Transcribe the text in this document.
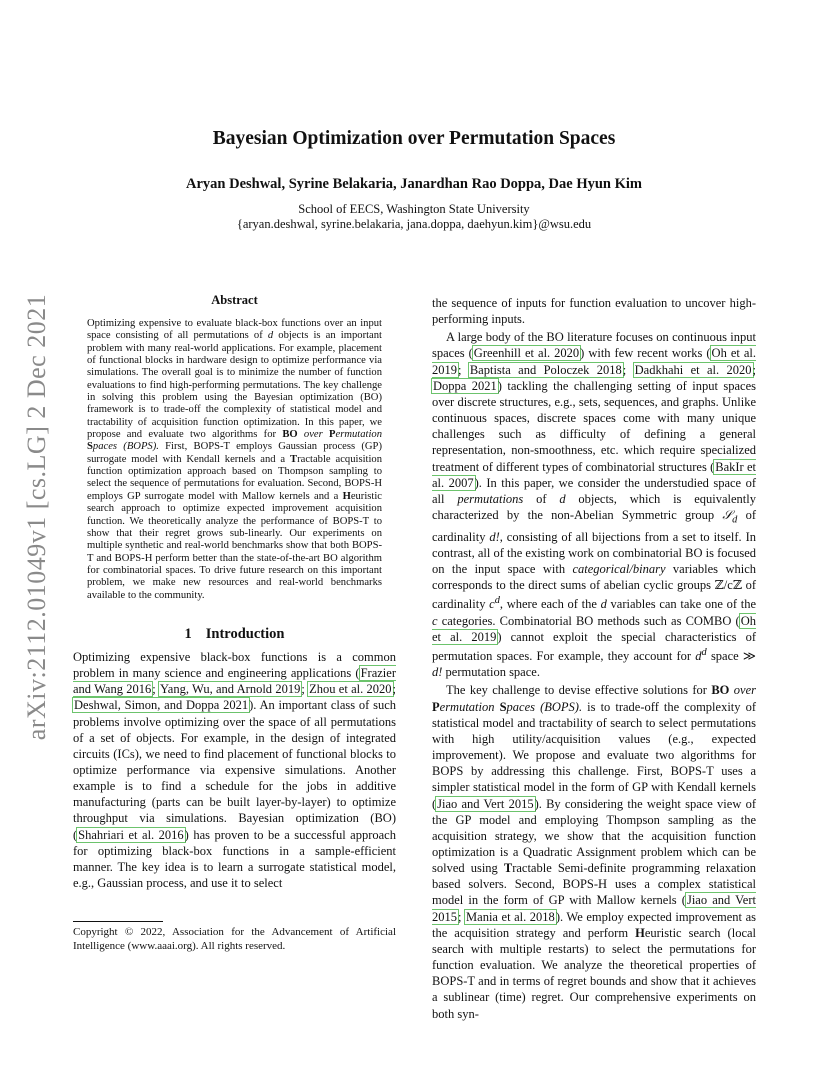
arXiv:2112.01049v1 [cs.LG] 2 Dec 2021
Bayesian Optimization over Permutation Spaces
Aryan Deshwal, Syrine Belakaria, Janardhan Rao Doppa, Dae Hyun Kim
School of EECS, Washington State University
{aryan.deshwal, syrine.belakaria, jana.doppa, daehyun.kim}@wsu.edu
Abstract

Optimizing expensive to evaluate black-box functions over an input space consisting of all permutations of d objects is an important problem with many real-world applications. For example, placement of functional blocks in hardware design to optimize performance via simulations. The overall goal is to minimize the number of function evaluations to find high-performing permutations. The key challenge in solving this problem using the Bayesian optimization (BO) framework is to trade-off the complexity of statistical model and tractability of acquisition function optimization. In this paper, we propose and evaluate two algorithms for BO over Permutation Spaces (BOPS). First, BOPS-T employs Gaussian process (GP) surrogate model with Kendall kernels and a Tractable acquisition function optimization approach based on Thompson sampling to select the sequence of permutations for evaluation. Second, BOPS-H employs GP surrogate model with Mallow kernels and a Heuristic search approach to optimize expected improvement acquisition function. We theoretically analyze the performance of BOPS-T to show that their regret grows sub-linearly. Our experiments on multiple synthetic and real-world benchmarks show that both BOPS-T and BOPS-H perform better than the state-of-the-art BO algorithm for combinatorial spaces. To drive future research on this important problem, we make new resources and real-world benchmarks available to the community.

1 Introduction

Optimizing expensive black-box functions is a common problem in many science and engineering applications (Frazier and Wang 2016; Yang, Wu, and Arnold 2019; Zhou et al. 2020; Deshwal, Simon, and Doppa 2021). An important class of such problems involve optimizing over the space of all permutations of a set of objects. For example, in the design of integrated circuits (ICs), we need to find placement of functional blocks to optimize performance via expensive simulations. Another example is to find a schedule for the jobs in additive manufacturing (parts can be built layer-by-layer) to optimize throughput via simulations. Bayesian optimization (BO) (Shahriari et al. 2016) has proven to be a successful approach for optimizing black-box functions in a sample-efficient manner. The key idea is to learn a surrogate statistical model, e.g., Gaussian process, and use it to select

Copyright © 2022, Association for the Advancement of Artificial Intelligence (www.aaai.org). All rights reserved.

the sequence of inputs for function evaluation to uncover high-performing inputs.

A large body of the BO literature focuses on continuous input spaces (Greenhill et al. 2020) with few recent works (Oh et al. 2019; Baptista and Poloczek 2018; Dadkhahi et al. 2020; Doppa 2021) tackling the challenging setting of input spaces over discrete structures, e.g., sets, sequences, and graphs. Unlike continuous spaces, discrete spaces come with many unique challenges such as difficulty of defining a general representation, non-smoothness, etc. which require specialized treatment of different types of combinatorial structures (BakIr et al. 2007). In this paper, we consider the understudied space of all permutations of d objects, which is equivalently characterized by the non-Abelian Symmetric group 𝒮$_d$ of cardinality d!, consisting of all bijections from a set to itself. In contrast, all of the existing work on combinatorial BO is focused on the input space with categorical/binary variables which corresponds to the direct sums of abelian cyclic groups ℤ/cℤ of cardinality $c^d$, where each of the d variables can take one of the c categories. Combinatorial BO methods such as COMBO (Oh et al. 2019) cannot exploit the special characteristics of permutation spaces. For example, they account for $d^d$ space ≫ d! permutation space.

The key challenge to devise effective solutions for BO over Permutation Spaces (BOPS). is to trade-off the complexity of statistical model and tractability of search to select permutations with high utility/acquisition values (e.g., expected improvement). We propose and evaluate two algorithms for BOPS by addressing this challenge. First, BOPS-T uses a simpler statistical model in the form of GP with Kendall kernels (Jiao and Vert 2015). By considering the weight space view of the GP model and employing Thompson sampling as the acquisition strategy, we show that the acquisition function optimization is a Quadratic Assignment problem which can be solved using Tractable Semi-definite programming relaxation based solvers. Second, BOPS-H uses a complex statistical model in the form of GP with Mallow kernels (Jiao and Vert 2015; Mania et al. 2018). We employ expected improvement as the acquisition strategy and perform Heuristic search (local search with multiple restarts) to select the permutations for function evaluation. We analyze the theoretical properties of BOPS-T and in terms of regret bounds and show that it achieves a sublinear (time) regret. Our comprehensive experiments on both syn-
